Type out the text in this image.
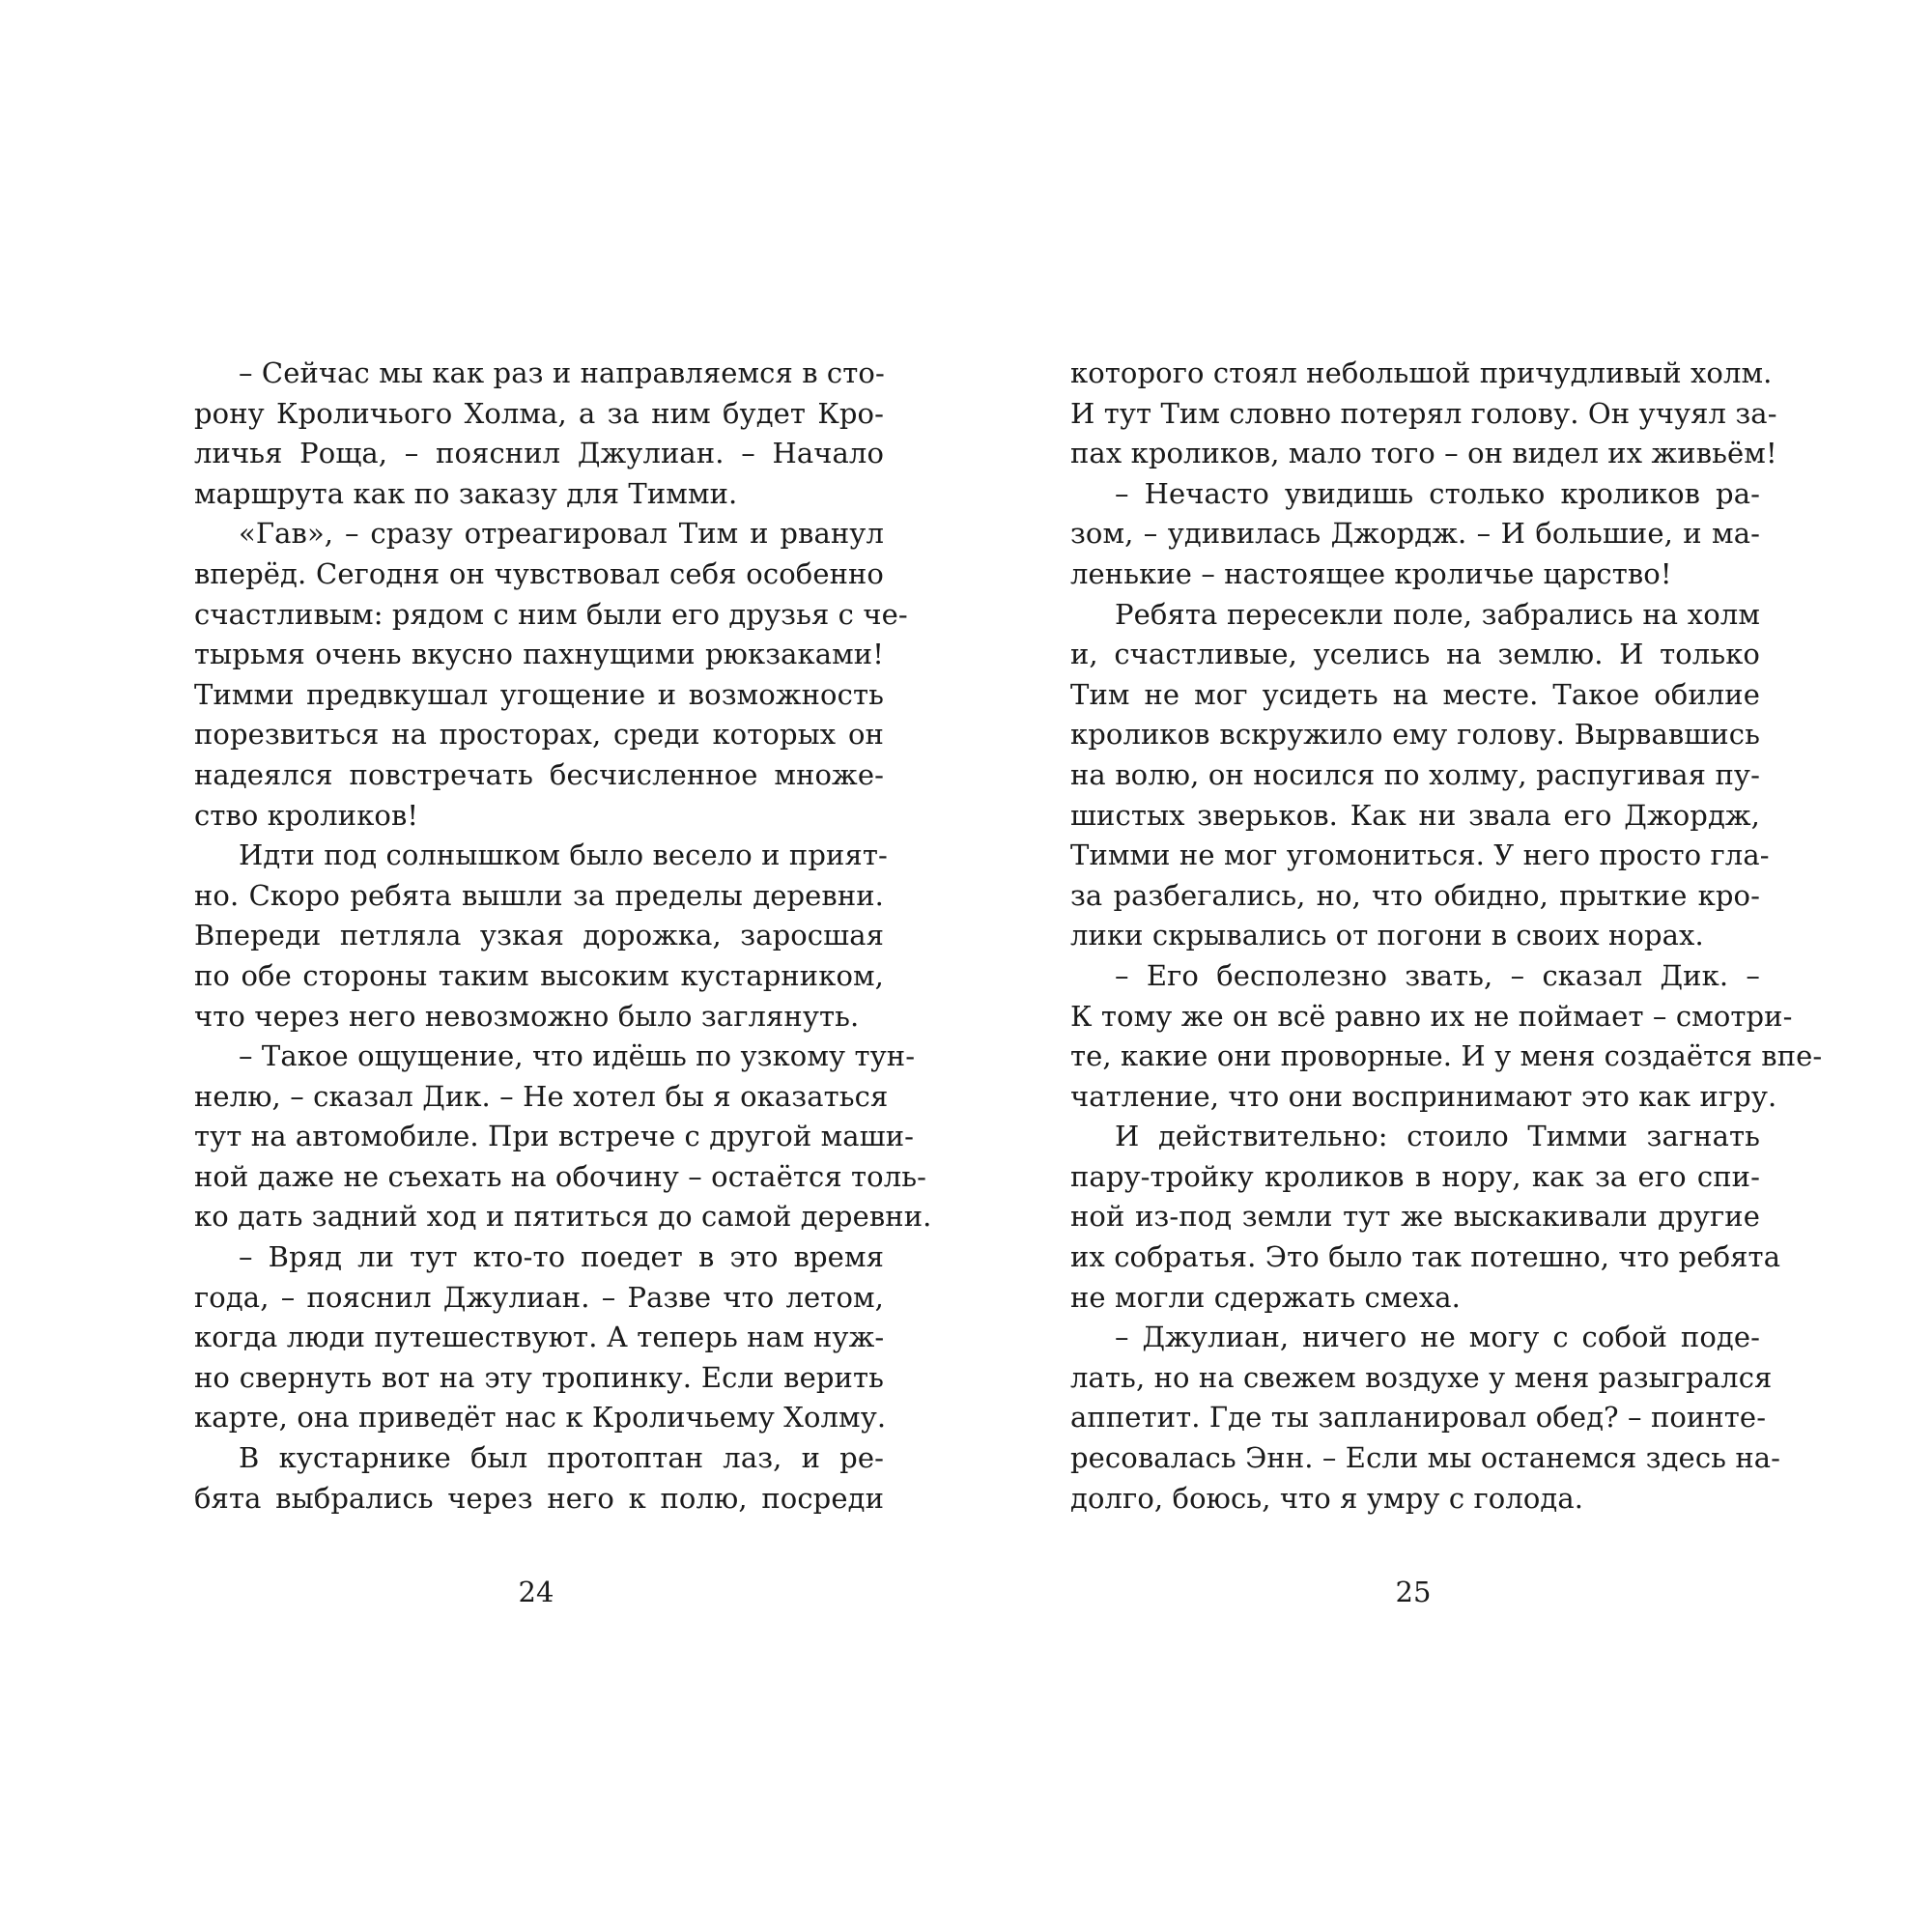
– Сейчас мы как раз и направляемся в сто-
рону Кроличього Холма, а за ним будет Кро-
личья Роща, – пояснил Джулиан. – Начало
маршрута как по заказу для Тимми.
«Гав», – сразу отреагировал Тим и рванул
вперёд. Сегодня он чувствовал себя особенно
счастливым: рядом с ним были его друзья с че-
тырьмя очень вкусно пахнущими рюкзаками!
Тимми предвкушал угощение и возможность
порезвиться на просторах, среди которых он
надеялся повстречать бесчисленное множе-
ство кроликов!
Идти под солнышком было весело и прият-
но. Скоро ребята вышли за пределы деревни.
Впереди петляла узкая дорожка, заросшая
по обе стороны таким высоким кустарником,
что через него невозможно было заглянуть.
– Такое ощущение, что идёшь по узкому тун-
нелю, – сказал Дик. – Не хотел бы я оказаться
тут на автомобиле. При встрече с другой маши-
ной даже не съехать на обочину – остаётся толь-
ко дать задний ход и пятиться до самой деревни.
– Вряд ли тут кто-то поедет в это время
года, – пояснил Джулиан. – Разве что летом,
когда люди путешествуют. А теперь нам нуж-
но свернуть вот на эту тропинку. Если верить
карте, она приведёт нас к Кроличьему Холму.
В кустарнике был протоптан лаз, и ре-
бята выбрались через него к полю, посреди
которого стоял небольшой причудливый холм.
И тут Тим словно потерял голову. Он учуял за-
пах кроликов, мало того – он видел их живьём!
– Нечасто увидишь столько кроликов ра-
зом, – удивилась Джордж. – И большие, и ма-
ленькие – настоящее кроличье царство!
Ребята пересекли поле, забрались на холм
и, счастливые, уселись на землю. И только
Тим не мог усидеть на месте. Такое обилие
кроликов вскружило ему голову. Вырвавшись
на волю, он носился по холму, распугивая пу-
шистых зверьков. Как ни звала его Джордж,
Тимми не мог угомониться. У него просто гла-
за разбегались, но, что обидно, прыткие кро-
лики скрывались от погони в своих норах.
– Его бесполезно звать, – сказал Дик. –
К тому же он всё равно их не поймает – смотри-
те, какие они проворные. И у меня создаётся впе-
чатление, что они воспринимают это как игру.
И действительно: стоило Тимми загнать
пару-тройку кроликов в нору, как за его спи-
ной из-под земли тут же выскакивали другие
их собратья. Это было так потешно, что ребята
не могли сдержать смеха.
– Джулиан, ничего не могу с собой поде-
лать, но на свежем воздухе у меня разыгрался
аппетит. Где ты запланировал обед? – поинте-
ресовалась Энн. – Если мы останемся здесь на-
долго, боюсь, что я умру с голода.
24	25
